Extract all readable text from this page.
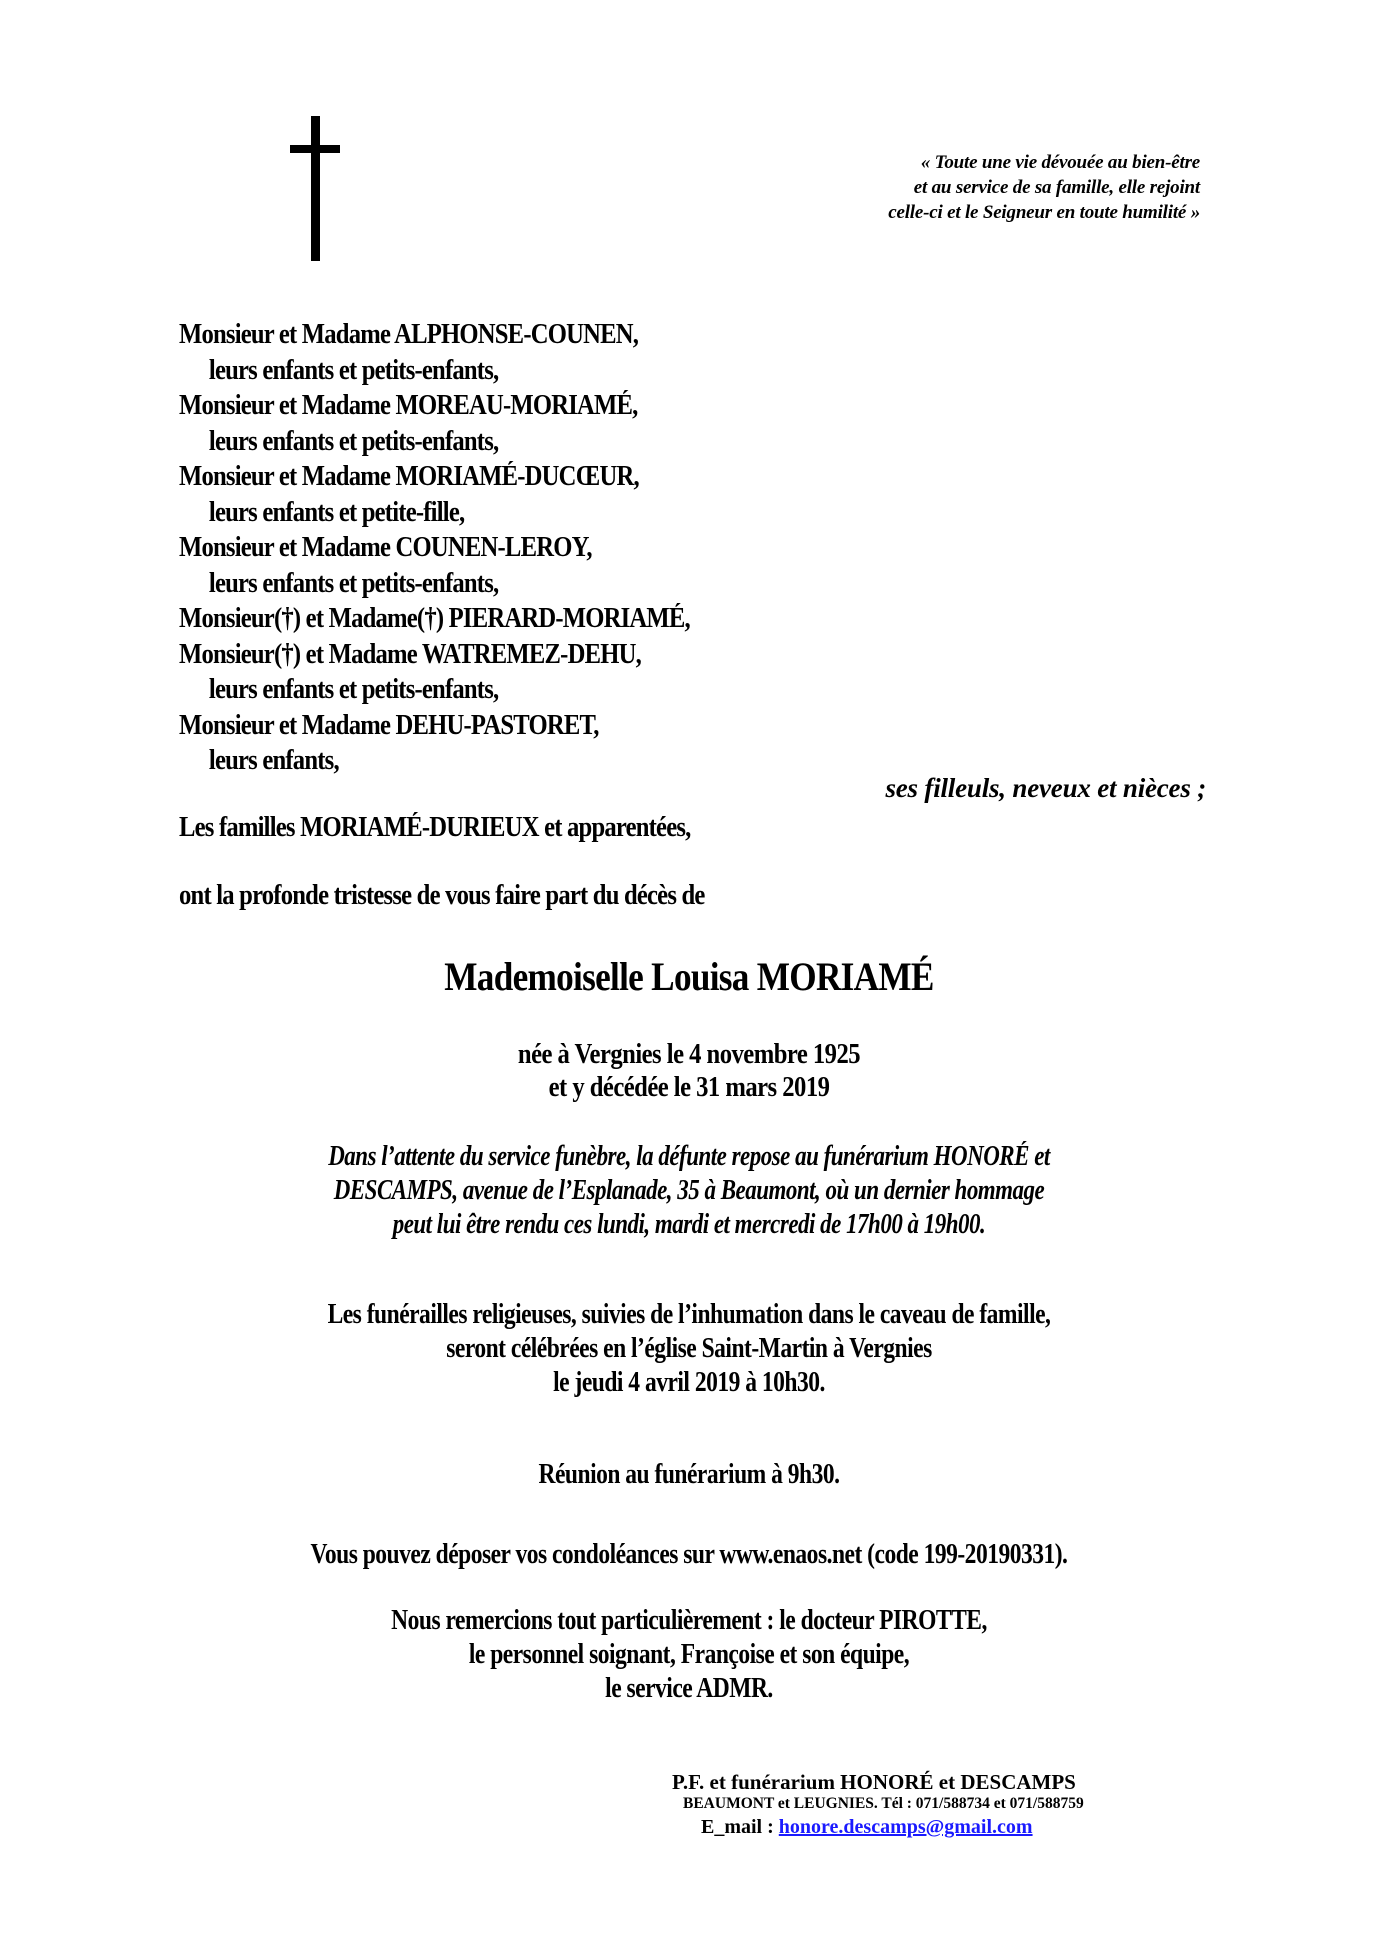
« Toute une vie dévouée au bien-être
et au service de sa famille, elle rejoint
celle-ci et le Seigneur en toute humilité »
Monsieur et Madame ALPHONSE-COUNEN,
leurs enfants et petits-enfants,
Monsieur et Madame MOREAU-MORIAMÉ,
leurs enfants et petits-enfants,
Monsieur et Madame MORIAMÉ-DUCŒUR,
leurs enfants et petite-fille,
Monsieur et Madame COUNEN-LEROY,
leurs enfants et petits-enfants,
Monsieur(†) et Madame(†) PIERARD-MORIAMÉ,
Monsieur(†) et Madame WATREMEZ-DEHU,
leurs enfants et petits-enfants,
Monsieur et Madame DEHU-PASTORET,
leurs enfants,
ses filleuls, neveux et nièces ;
Les familles MORIAMÉ-DURIEUX et apparentées,
ont la profonde tristesse de vous faire part du décès de
Mademoiselle Louisa MORIAMÉ
née à Vergnies le 4 novembre 1925
et y décédée le 31 mars 2019
Dans l’attente du service funèbre, la défunte repose au funérarium HONORÉ et
DESCAMPS, avenue de l’Esplanade, 35 à Beaumont, où un dernier hommage
peut lui être rendu ces lundi, mardi et mercredi de 17h00 à 19h00.
Les funérailles religieuses, suivies de l’inhumation dans le caveau de famille,
seront célébrées en l’église Saint-Martin à Vergnies
le jeudi 4 avril 2019 à 10h30.
Réunion au funérarium à 9h30.
Vous pouvez déposer vos condoléances sur www.enaos.net (code 199-20190331).
Nous remercions tout particulièrement : le docteur PIROTTE,
le personnel soignant, Françoise et son équipe,
le service ADMR.
P.F. et funérarium HONORÉ et DESCAMPS
BEAUMONT et LEUGNIES. Tél : 071/588734 et 071/588759
E_mail : honore.descamps@gmail.com
